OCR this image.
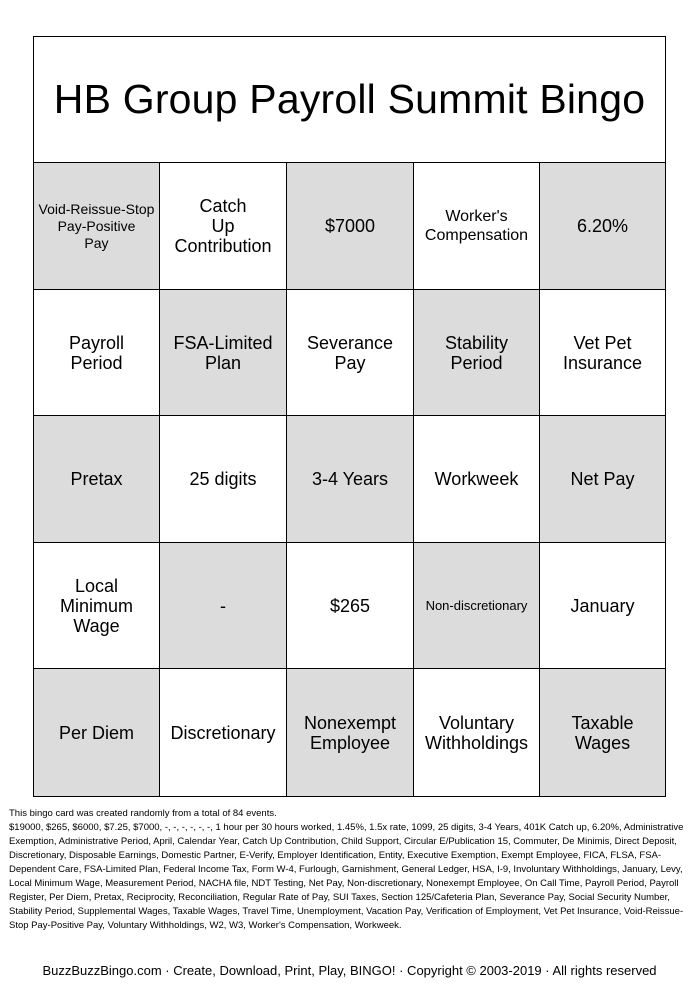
HB Group Payroll Summit Bingo
Void-Reissue-Stop
Pay-Positive
Pay
Catch
Up
Contribution
$7000	Worker's
Compensation	6.20%
Payroll
Period
FSA-Limited
Plan
Severance
Pay
Stability
Period
Vet Pet
Insurance
Pretax	25 digits	3-4 Years	Workweek	Net Pay
Local
Minimum
Wage
-	$265	Non-discretionary	January
Per Diem	Discretionary	Nonexempt
Employee
Voluntary
Withholdings
Taxable
Wages

This bingo card was created randomly from a total of 84 events.

$19000, $265, $6000, $7.25, $7000, -, -, -, -, -, -, 1 hour per 30 hours worked, 1.45%, 1.5x rate, 1099, 25 digits, 3-4 Years, 401K Catch up, 6.20%, Administrative Exemption, Administrative Period, April, Calendar Year, Catch Up Contribution, Child Support, Circular E/Publication 15, Commuter, De Minimis, Direct Deposit, Discretionary, Disposable Earnings, Domestic Partner, E-Verify, Employer Identification, Entity, Executive Exemption, Exempt Employee, FICA, FLSA, FSA-Dependent Care, FSA-Limited Plan, Federal Income Tax, Form W-4, Furlough, Garnishment, General Ledger, HSA, I-9, Involuntary Withholdings, January, Levy, Local Minimum Wage, Measurement Period, NACHA file, NDT Testing, Net Pay, Non-discretionary, Nonexempt Employee, On Call Time, Payroll Period, Payroll Register, Per Diem, Pretax, Reciprocity, Reconciliation, Regular Rate of Pay, SUI Taxes, Section 125/Cafeteria Plan, Severance Pay, Social Security Number, Stability Period, Supplemental Wages, Taxable Wages, Travel Time, Unemployment, Vacation Pay, Verification of Employment, Vet Pet Insurance, Void-Reissue-Stop Pay-Positive Pay, Voluntary Withholdings, W2, W3, Worker's Compensation, Workweek.

BuzzBuzzBingo.com · Create, Download, Print, Play, BINGO! · Copyright © 2003-2019 · All rights reserved
